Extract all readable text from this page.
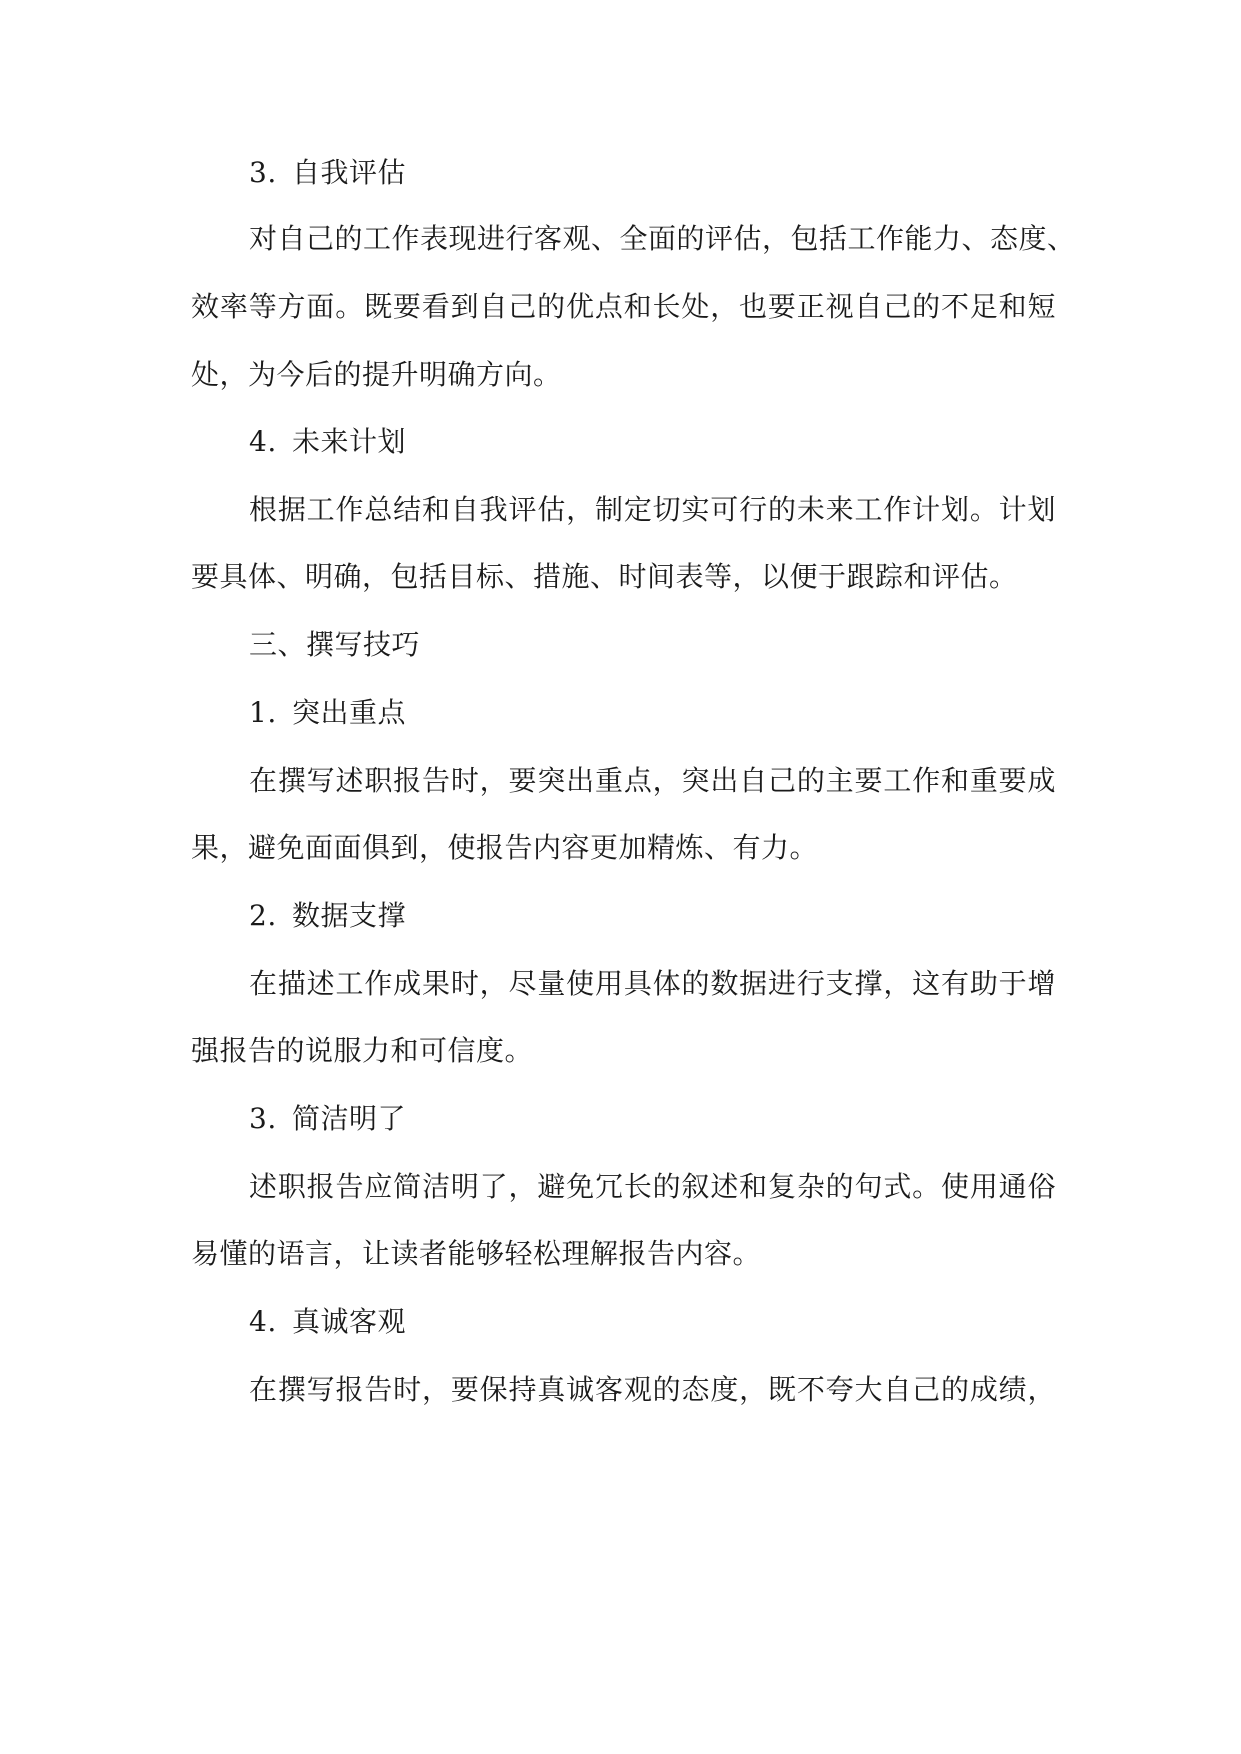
3. 自我评估
对自己的工作表现进行客观、全面的评估，包括工作能力、态度、
效率等方面。既要看到自己的优点和长处，也要正视自己的不足和短
处，为今后的提升明确方向。
4. 未来计划
根据工作总结和自我评估，制定切实可行的未来工作计划。计划
要具体、明确，包括目标、措施、时间表等，以便于跟踪和评估。
三、撰写技巧
1. 突出重点
在撰写述职报告时，要突出重点，突出自己的主要工作和重要成
果，避免面面俱到，使报告内容更加精炼、有力。
2. 数据支撑
在描述工作成果时，尽量使用具体的数据进行支撑，这有助于增
强报告的说服力和可信度。
3. 简洁明了
述职报告应简洁明了，避免冗长的叙述和复杂的句式。使用通俗
易懂的语言，让读者能够轻松理解报告内容。
4. 真诚客观
在撰写报告时，要保持真诚客观的态度，既不夸大自己的成绩，
